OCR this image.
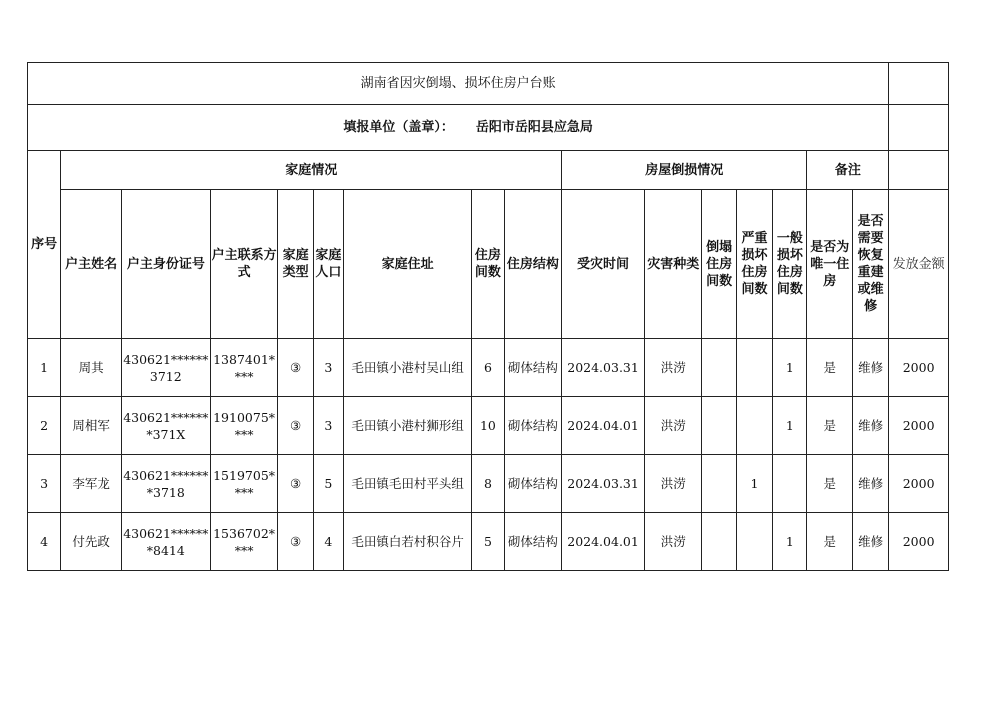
湖南省因灾倒塌、损坏住房户台账																
填报单位（盖章）： 岳阳市岳阳县应急局																
序号	家庭情况								房屋倒损情况					备注		
	户主姓名	户主身份证号	户主联系方式	家庭类型	家庭人口	家庭住址	住房间数	住房结构	受灾时间	灾害种类	倒塌住房间数	严重损坏住房间数	一般损坏住房间数	是否为唯一住房	是否需要恢复重建或维修	发放金额
1	周其	430621******3712	1387401****	③	3	毛田镇小港村吴山组	6	砌体结构	2024.03.31	洪涝			1	是	维修	2000
2	周相军	430621*******371X	1910075****	③	3	毛田镇小港村狮形组	10	砌体结构	2024.04.01	洪涝			1	是	维修	2000
3	李军龙	430621*******3718	1519705****	③	5	毛田镇毛田村平头组	8	砌体结构	2024.03.31	洪涝		1		是	维修	2000
4	付先政	430621*******8414	1536702****	③	4	毛田镇白若村积谷片	5	砌体结构	2024.04.01	洪涝			1	是	维修	2000
